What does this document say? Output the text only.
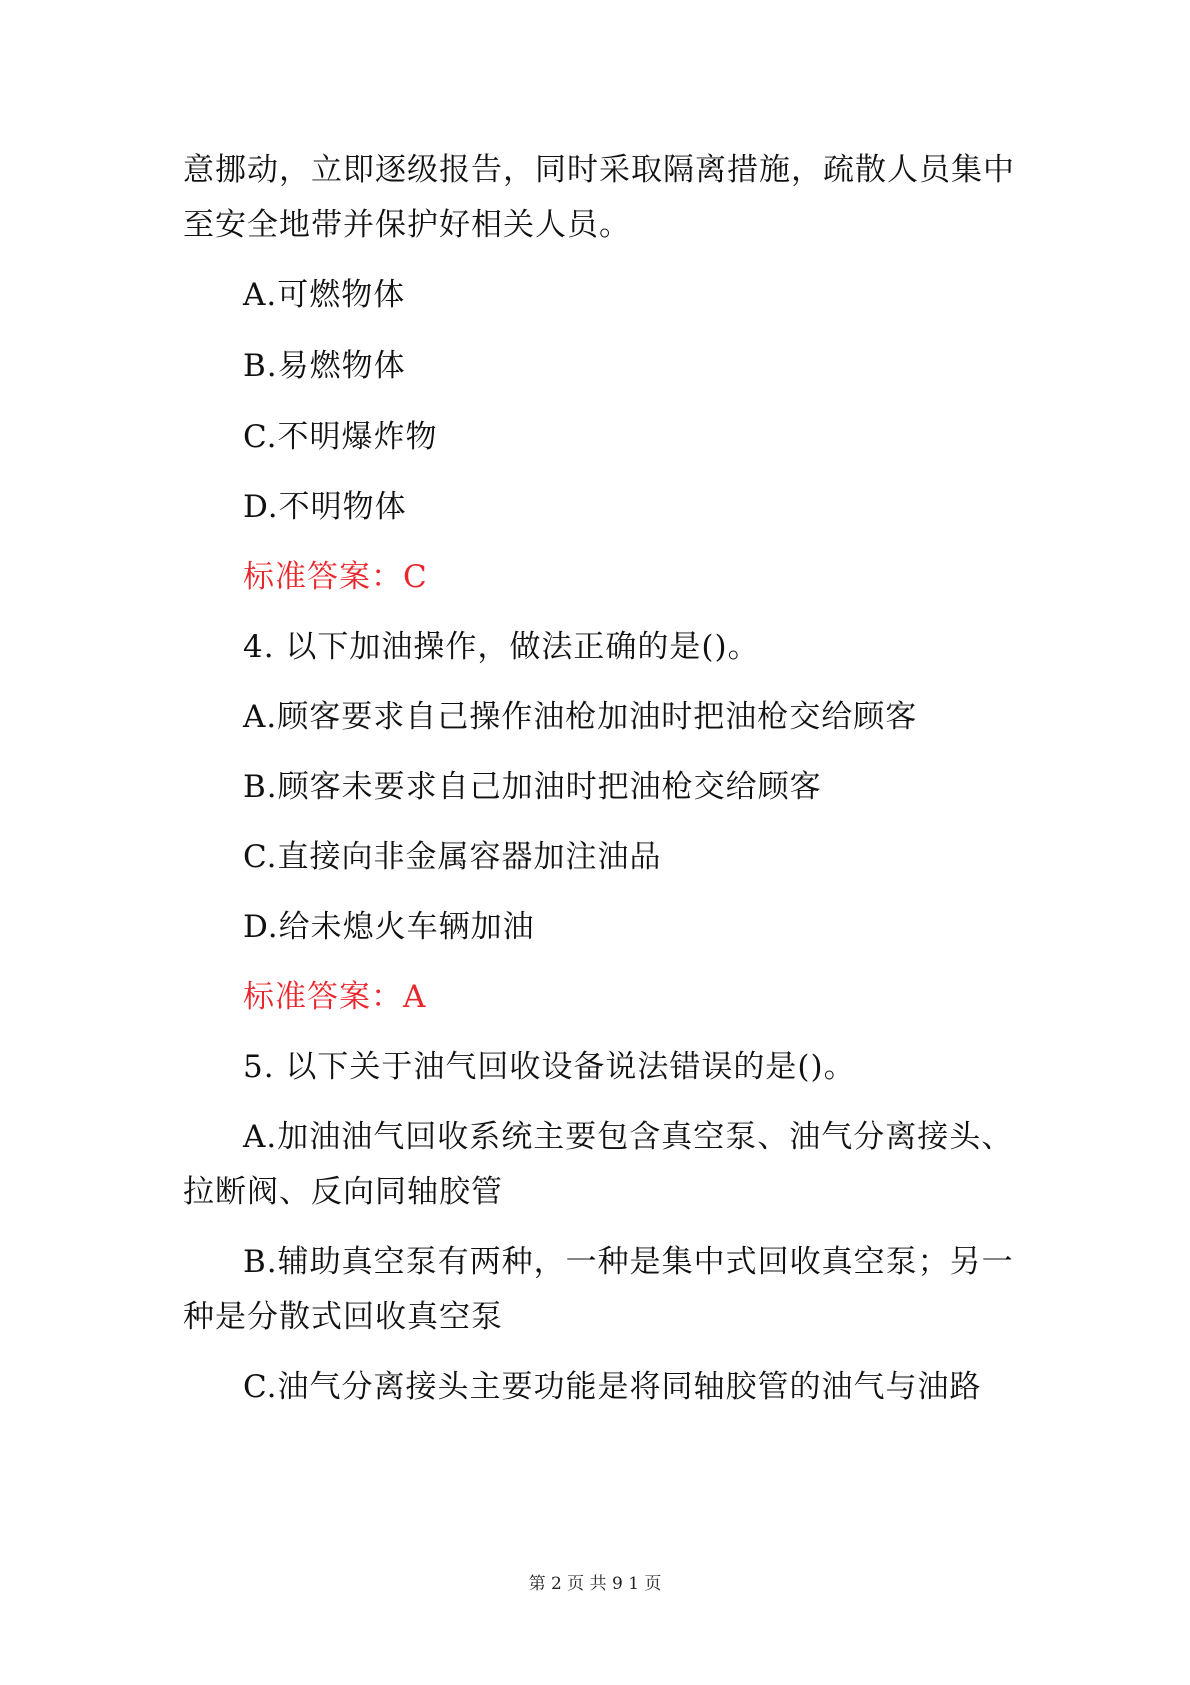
意挪动，立即逐级报告，同时采取隔离措施，疏散人员集中
至安全地带并保护好相关人员。
A.可燃物体
B.易燃物体
C.不明爆炸物
D.不明物体
标准答案：C
4. 以下加油操作，做法正确的是()。
A.顾客要求自己操作油枪加油时把油枪交给顾客
B.顾客未要求自己加油时把油枪交给顾客
C.直接向非金属容器加注油品
D.给未熄火车辆加油
标准答案：A
5. 以下关于油气回收设备说法错误的是()。
A.加油油气回收系统主要包含真空泵、油气分离接头、
拉断阀、反向同轴胶管
B.辅助真空泵有两种，一种是集中式回收真空泵；另一
种是分散式回收真空泵
C.油气分离接头主要功能是将同轴胶管的油气与油路
第 2 页 共 9 1 页
